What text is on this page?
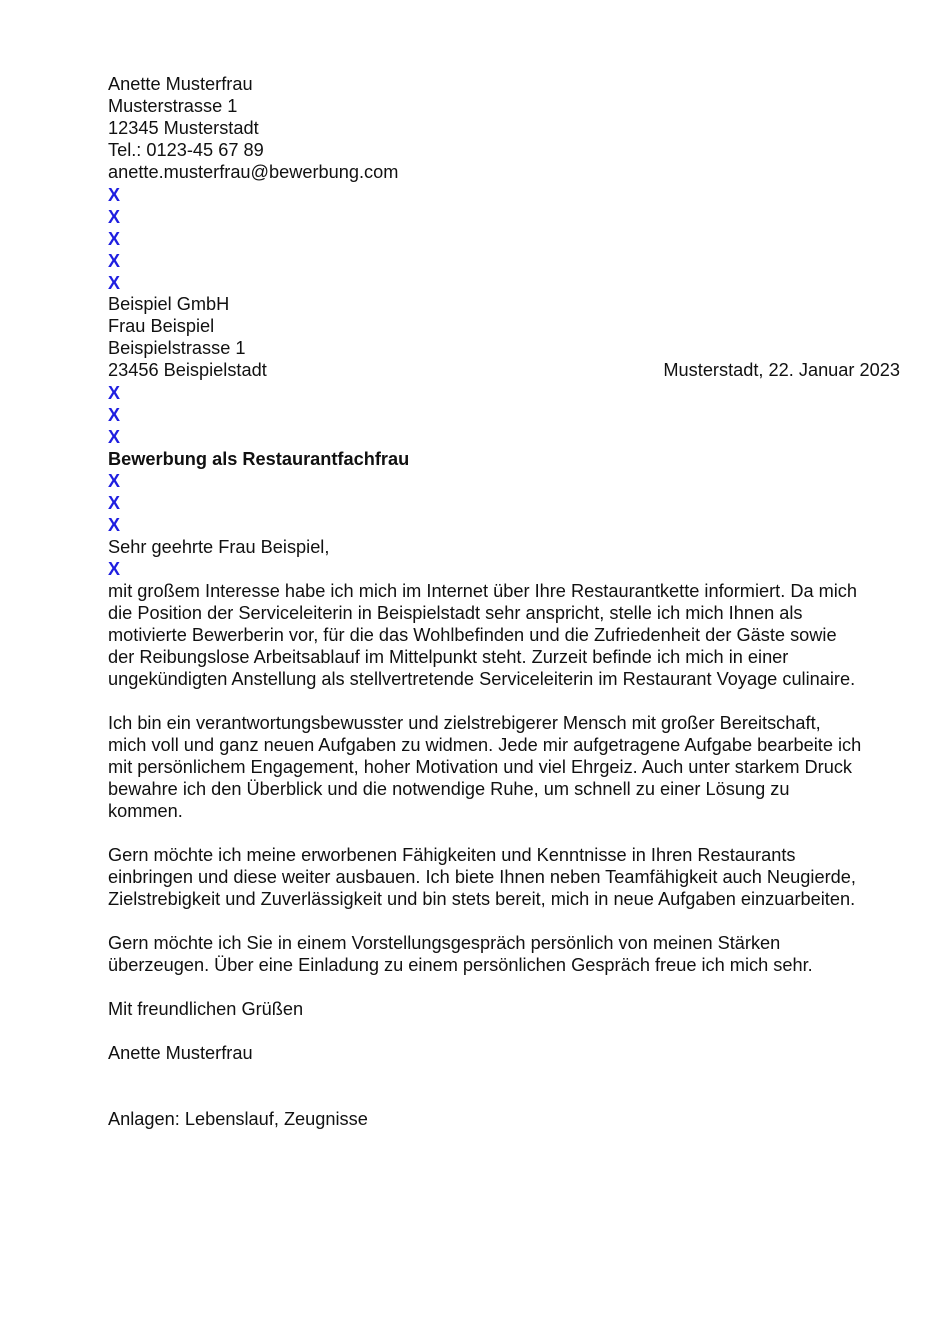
Anette Musterfrau
Musterstrasse 1
12345 Musterstadt
Tel.: 0123-45 67 89
anette.musterfrau@bewerbung.com
X
X
X
X
X
Beispiel GmbH
Frau Beispiel
Beispielstrasse 1
23456 Beispielstadt	Musterstadt, 22. Januar 2023
X
X
X
Bewerbung als Restaurantfachfrau
X
X
X
Sehr geehrte Frau Beispiel,
X
mit großem Interesse habe ich mich im Internet über Ihre Restaurantkette informiert. Da mich
die Position der Serviceleiterin in Beispielstadt sehr anspricht, stelle ich mich Ihnen als
motivierte Bewerberin vor, für die das Wohlbefinden und die Zufriedenheit der Gäste sowie
der Reibungslose Arbeitsablauf im Mittelpunkt steht. Zurzeit befinde ich mich in einer
ungekündigten Anstellung als stellvertretende Serviceleiterin im Restaurant Voyage culinaire.
Ich bin ein verantwortungsbewusster und zielstrebigerer Mensch mit großer Bereitschaft,
mich voll und ganz neuen Aufgaben zu widmen. Jede mir aufgetragene Aufgabe bearbeite ich
mit persönlichem Engagement, hoher Motivation und viel Ehrgeiz. Auch unter starkem Druck
bewahre ich den Überblick und die notwendige Ruhe, um schnell zu einer Lösung zu
kommen.
Gern möchte ich meine erworbenen Fähigkeiten und Kenntnisse in Ihren Restaurants
einbringen und diese weiter ausbauen. Ich biete Ihnen neben Teamfähigkeit auch Neugierde,
Zielstrebigkeit und Zuverlässigkeit und bin stets bereit, mich in neue Aufgaben einzuarbeiten.
Gern möchte ich Sie in einem Vorstellungsgespräch persönlich von meinen Stärken
überzeugen. Über eine Einladung zu einem persönlichen Gespräch freue ich mich sehr.
Mit freundlichen Grüßen
Anette Musterfrau
Anlagen: Lebenslauf, Zeugnisse
